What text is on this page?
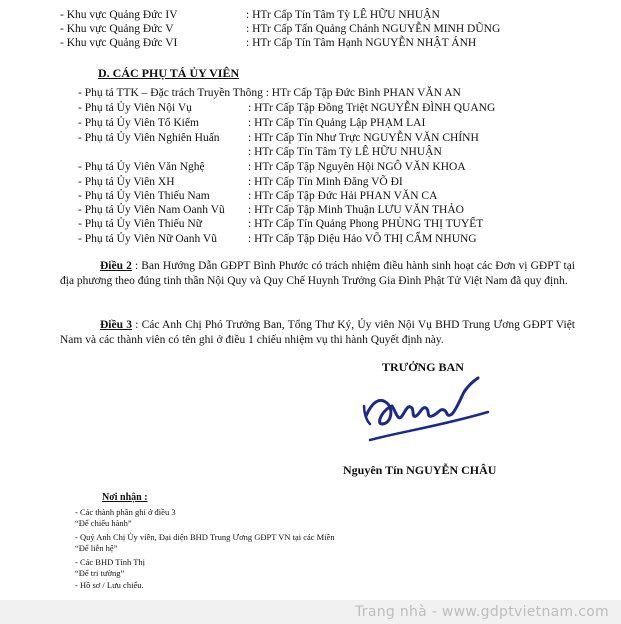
- Khu vực Quảng Đức IV	: HTr Cấp Tín Tâm Tỳ LÊ HỮU NHUẬN
- Khu vực Quảng Đức V	: HTr Cấp Tấn Quảng Chánh NGUYỄN MINH DŨNG
- Khu vực Quảng Đức VI	: HTr Cấp Tín Tâm Hạnh NGUYỄN NHẬT ÁNH
D. CÁC PHỤ TÁ ỦY VIÊN
- Phụ tá TTK – Đặc trách Truyền Thông : HTr Cấp Tập Đức Bình PHAN VĂN AN
- Phụ tá Ủy Viên Nội Vụ	: HTr Cấp Tập Đồng Triệt NGUYỄN ĐÌNH QUANG
- Phụ tá Ủy Viên Tổ Kiểm	: HTr Cấp Tín Quảng Lập PHẠM LAI
- Phụ tá Ủy Viên Nghiên Huấn : HTr Cấp Tín Như Trực NGUYỄN VĂN CHÍNH
: HTr Cấp Tín Tâm Tỳ LÊ HỮU NHUẬN
- Phụ tá Ủy Viên Văn Nghệ	: HTr Cấp Tập Nguyên Hội NGÔ VĂN KHOA
- Phụ tá Ủy Viên XH	: HTr Cấp Tín Minh Đăng VÕ ĐI
- Phụ tá Ủy Viên Thiếu Nam	: HTr Cấp Tập Đức Hải PHAN VĂN CA
- Phụ tá Ủy Viên Nam Oanh Vũ : HTr Cấp Tập Minh Thuận LƯU VĂN THẢO
- Phụ tá Ủy Viên Thiếu Nữ	: HTr Cấp Tín Quảng Phong PHÙNG THỊ TUYẾT
- Phụ tá Ủy Viên Nữ Oanh Vũ	: HTr Cấp Tập Diệu Hảo VÕ THỊ CẨM NHUNG
Điều 2 : Ban Hướng Dẫn GĐPT Bình Phước có trách nhiệm điều hành sinh hoạt các Đơn vị GĐPT tại địa phương theo đúng tinh thần Nội Quy và Quy Chế Huynh Trưởng Gia Đình Phật Tử Việt Nam đã quy định.
Điều 3 : Các Anh Chị Phó Trưởng Ban, Tổng Thư Ký, Ủy viên Nội Vụ BHD Trung Ương GĐPT Việt Nam và các thành viên có tên ghi ở điều 1 chiếu nhiệm vụ thi hành Quyết định này.
TRƯỞNG BAN
Nguyên Tín NGUYỄN CHÂU
Nơi nhận :
- Các thành phần ghi ở điều 3
“Để chiếu hành”
- Quý Anh Chị Ủy viên, Đại diện BHD Trung Ương GĐPT VN tại các Miền
“Để liễn hệ”
- Các BHD Tỉnh Thị
“Để tri tường”
- Hồ sơ / Lưu chiểu.
Trang nhà - www.gdptvietnam.com
